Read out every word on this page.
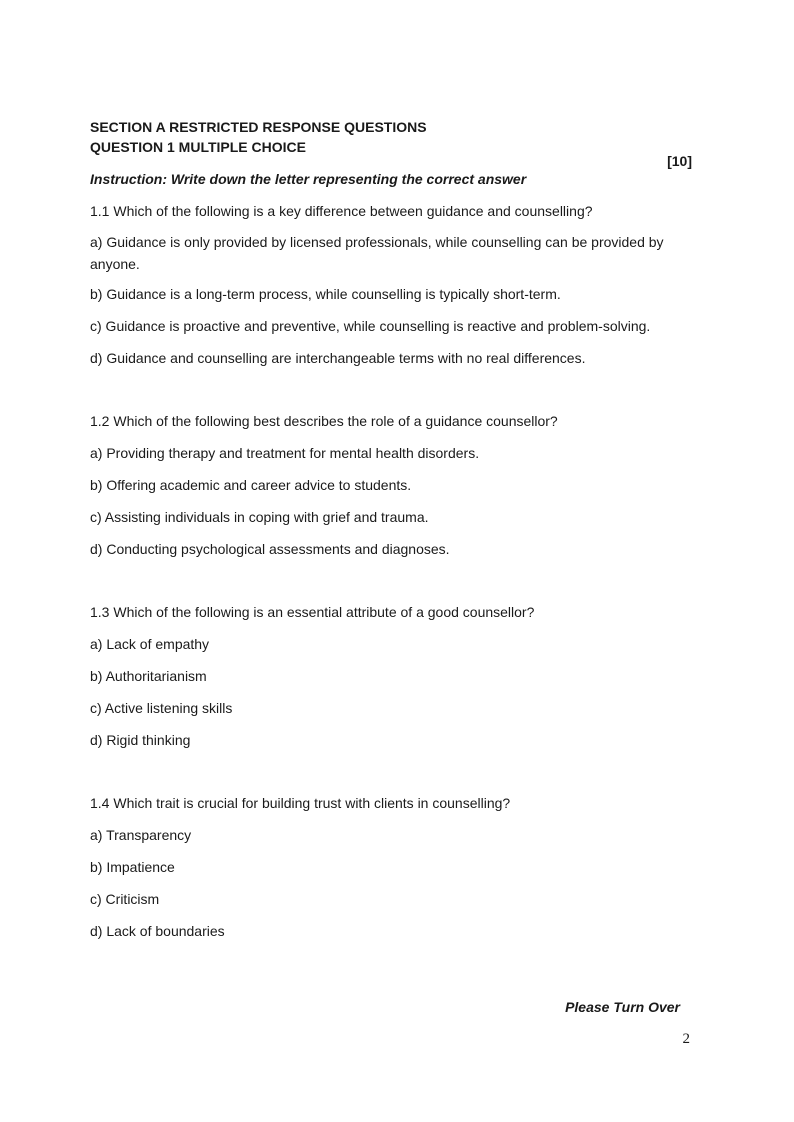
SECTION A RESTRICTED RESPONSE QUESTIONS

QUESTION 1 MULTIPLE CHOICE

[10]

Instruction: Write down the letter representing the correct answer

1.1 Which of the following is a key difference between guidance and counselling?

a) Guidance is only provided by licensed professionals, while counselling can be provided by anyone.

b) Guidance is a long-term process, while counselling is typically short-term.

c) Guidance is proactive and preventive, while counselling is reactive and problem-solving.

d) Guidance and counselling are interchangeable terms with no real differences.

1.2 Which of the following best describes the role of a guidance counsellor?

a) Providing therapy and treatment for mental health disorders.

b) Offering academic and career advice to students.

c) Assisting individuals in coping with grief and trauma.

d) Conducting psychological assessments and diagnoses.

1.3 Which of the following is an essential attribute of a good counsellor?

a) Lack of empathy

b) Authoritarianism

c) Active listening skills

d) Rigid thinking

1.4 Which trait is crucial for building trust with clients in counselling?

a) Transparency

b) Impatience

c) Criticism

d) Lack of boundaries

Please Turn Over

2
